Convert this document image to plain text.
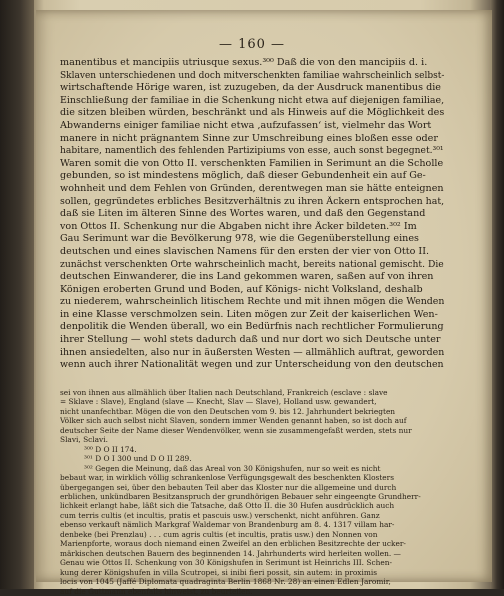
— 160 —

manentibus et mancipiis utriusque sexus.³⁰⁰ Daß die von den mancipiis d. i.

Sklaven unterschiedenen und doch mitverschenkten familiae wahrscheinlich selbst-

wirtschaftende Hörige waren, ist zuzugeben, da der Ausdruck manentibus die

Einschließung der familiae in die Schenkung nicht etwa auf diejenigen familiae,

die sitzen bleiben würden, beschränkt und als Hinweis auf die Möglichkeit des

Abwanderns einiger familiae nicht etwa ‚aufzufassen‘ ist, vielmehr das Wort

manere in nicht prägnantem Sinne zur Umschreibung eines bloßen esse oder

habitare, namentlich des fehlenden Partizipiums von esse, auch sonst begegnet.³⁰¹

Waren somit die von Otto II. verschenkten Familien in Serimunt an die Scholle

gebunden, so ist mindestens möglich, daß dieser Gebundenheit ein auf Ge-

wohnheit und dem Fehlen von Gründen, derentwegen man sie hätte enteignen

sollen, gegründetes erbliches Besitzverhältnis zu ihren Äckern entsprochen hat,

daß sie Liten im älteren Sinne des Wortes waren, und daß den Gegenstand

von Ottos II. Schenkung nur die Abgaben nicht ihre Äcker bildeten.³⁰² Im

Gau Serimunt war die Bevölkerung 978, wie die Gegenüberstellung eines

deutschen und eines slavischen Namens für den ersten der vier von Otto II.

zunächst verschenkten Orte wahrscheinlich macht, bereits national gemischt. Die

deutschen Einwanderer, die ins Land gekommen waren, saßen auf von ihren

Königen eroberten Grund und Boden, auf Königs- nicht Volksland, deshalb

zu niederem, wahrscheinlich litischem Rechte und mit ihnen mögen die Wenden

in eine Klasse verschmolzen sein. Liten mögen zur Zeit der kaiserlichen Wen-

denpolitik die Wenden überall, wo ein Bedürfnis nach rechtlicher Formulierung

ihrer Stellung — wohl stets dadurch daß und nur dort wo sich Deutsche unter

ihnen ansiedelten, also nur in äußersten Westen — allmählich auftrat, geworden

wenn auch ihrer Nationalität wegen und zur Unterscheidung von den deutschen

sei von ihnen aus allmählich über Italien nach Deutschland, Frankreich (esclave : slave

= Sklave : Slave), England (slave — Knecht, Slav — Slave), Holland usw. gewandert,

nicht unanfechtbar. Mögen die von den Deutschen vom 9. bis 12. Jahrhundert bekriegten

Völker sich auch selbst nicht Slaven, sondern immer Wenden genannt haben, so ist doch auf

deutscher Seite der Name dieser Wendenvölker, wenn sie zusammengefaßt werden, stets nur

Slavi, Sclavi.

³⁰⁰ D O II 174.

³⁰¹ D O I 300 und D O II 289.

³⁰² Gegen die Meinung, daß das Areal von 30 Königshufen, nur so weit es nicht

bebaut war, in wirklich völlig schrankenlose Verfügungsgewalt des beschenkten Klosters

übergegangen sei, über den bebauten Teil aber das Kloster nur die allgemeine und durch

erblichen, unkündbaren Besitzanspruch der grundhörigen Bebauer sehr eingeengte Grundherr-

lichkeit erlangt habe, läßt sich die Tatsache, daß Otto II. die 30 Hufen ausdrücklich auch

cum terris cultis (et incultis, pratis et pascuis usw.) verschenkt, nicht anführen. Ganz

ebenso verkauft nämlich Markgraf Waldemar von Brandenburg am 8. 4. 1317 villam har-

denbeke (bei Prenzlau) . . . cum agris cultis (et incultis, pratis usw.) den Nonnen von

Marienpforte, woraus doch niemand einen Zweifel an den erblichen Besitzrechte der ucker-

märkischen deutschen Bauern des beginnenden 14. Jahrhunderts wird herleiten wollen. —

Genau wie Ottos II. Schenkung von 30 Königshufen in Serimunt ist Heinrichs III. Schen-

kung derer Königshufen in villa Scutropei, si inibi fieri possit, sin autem: in proximis

locis von 1045 (Jaffé Diplomata quadraginta Berlin 1868 Nr. 28) an einen Edlen Jaromir,

auf die Guttmann ebenfalls hinweist, zu beurteilen.
